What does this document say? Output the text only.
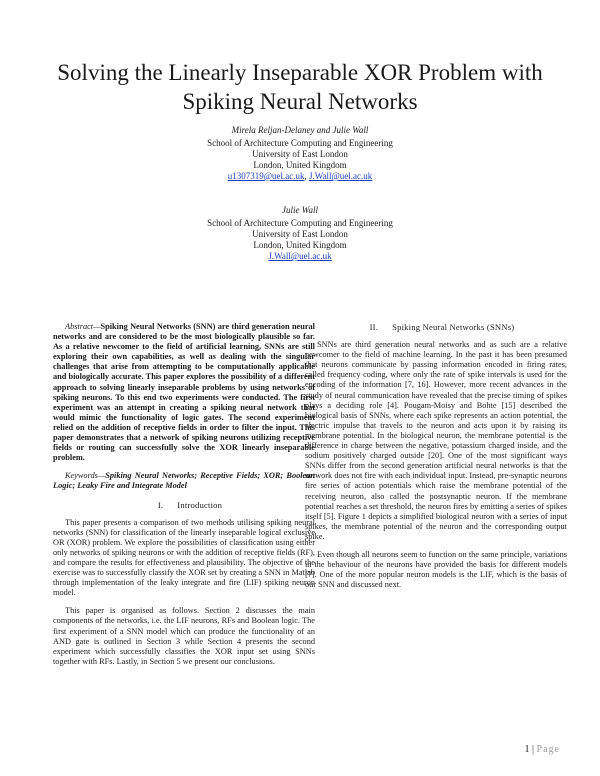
Solving the Linearly Inseparable XOR Problem with Spiking Neural Networks
Mirela Reljan-Delaney and Julie Wall
School of Architecture Computing and Engineering
University of East London
London, United Kingdom
u1307319@uel.ac.uk, J.Wall@uel.ac.uk
Julie Wall
School of Architecture Computing and Engineering
University of East London
London, United Kingdom
J.Wall@uel.ac.uk

Abstract—Spiking Neural Networks (SNN) are third generation neural networks and are considered to be the most biologically plausible so far. As a relative newcomer to the field of artificial learning, SNNs are still exploring their own capabilities, as well as dealing with the singular challenges that arise from attempting to be computationally applicable and biologically accurate. This paper explores the possibility of a different approach to solving linearly inseparable problems by using networks of spiking neurons. To this end two experiments were conducted. The first experiment was an attempt in creating a spiking neural network that would mimic the functionality of logic gates. The second experiment relied on the addition of receptive fields in order to filter the input. This paper demonstrates that a network of spiking neurons utilizing receptive fields or routing can successfully solve the XOR linearly inseparable problem.

Keywords—Spiking Neural Networks; Receptive Fields; XOR; Boolean Logic; Leaky Fire and Integrate Model

I. Introduction

This paper presents a comparison of two methods utilising spiking neural networks (SNN) for classification of the linearly inseparable logical exclusive OR (XOR) problem. We explore the possibilities of classification using either only networks of spiking neurons or with the addition of receptive fields (RF), and compare the results for effectiveness and plausibility. The objective of the exercise was to successfully classify the XOR set by creating a SNN in Matlab through implementation of the leaky integrate and fire (LIF) spiking neuron model.

This paper is organised as follows. Section 2 discusses the main components of the networks, i.e. the LIF neurons, RFs and Boolean logic. The first experiment of a SNN model which can produce the functionality of an AND gate is outlined in Section 3 while Section 4 presents the second experiment which successfully classifies the XOR input set using SNNs together with RFs. Lastly, in Section 5 we present our conclusions.

II. Spiking Neural Networks (SNNs)

SNNs are third generation neural networks and as such are a relative newcomer to the field of machine learning. In the past it has been presumed that neurons communicate by passing information encoded in firing rates, called frequency coding, where only the rate of spike intervals is used for the encoding of the information [7, 16]. However, more recent advances in the study of neural communication have revealed that the precise timing of spikes plays a deciding role [4]. Pougam-Moisy and Bohte [15] described the biological basis of SNNs, where each spike represents an action potential, the electric impulse that travels to the neuron and acts upon it by raising its membrane potential. In the biological neuron, the membrane potential is the difference in charge between the negative, potassium charged inside, and the sodium positively charged outside [20]. One of the most significant ways SNNs differ from the second generation artificial neural networks is that the network does not fire with each individual input. Instead, pre-synaptic neurons fire series of action potentials which raise the membrane potential of the receiving neuron, also called the postsynaptic neuron. If the membrane potential reaches a set threshold, the neuron fires by emitting a series of spikes itself [5]. Figure 1 depicts a simplified biological neuron with a series of input spikes, the membrane potential of the neuron and the corresponding output spike.

Even though all neurons seem to function on the same principle, variations in the behaviour of the neurons have provided the basis for different models [7]. One of the more popular neuron models is the LIF, which is the basis of our SNN and discussed next.

1 | Page
